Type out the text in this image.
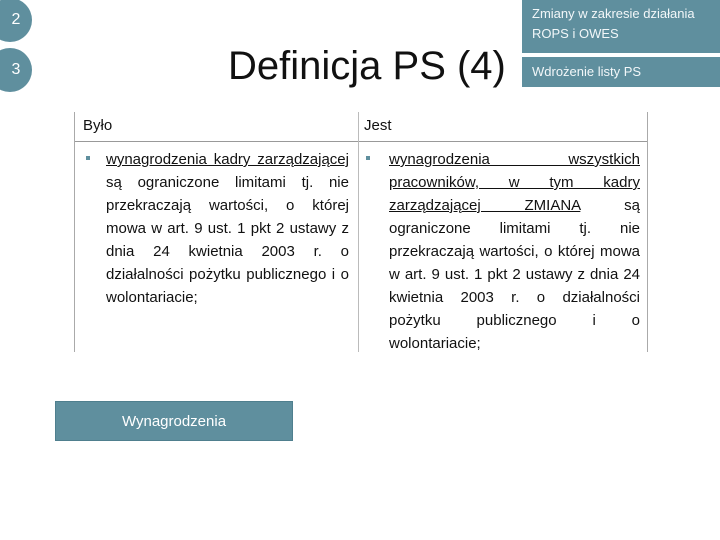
2
3	Definicja PS (4)
Zmiany w zakresie działania ROPS i OWES
Wdrożenie listy PS
Było	Jest
wynagrodzenia kadry zarządzającej są ograniczone limitami tj. nie przekraczają wartości, o której mowa w art. 9 ust. 1 pkt 2 ustawy z dnia 24 kwietnia 2003 r. o działalności pożytku publicznego i o wolontariacie;
wynagrodzenia wszystkich pracowników, w tym kadry zarządzającej ZMIANA są ograniczone limitami tj. nie przekraczają wartości, o której mowa w art. 9 ust. 1 pkt 2 ustawy z dnia 24 kwietnia 2003 r. o działalności pożytku publicznego i o wolontariacie;
Wynagrodzenia
